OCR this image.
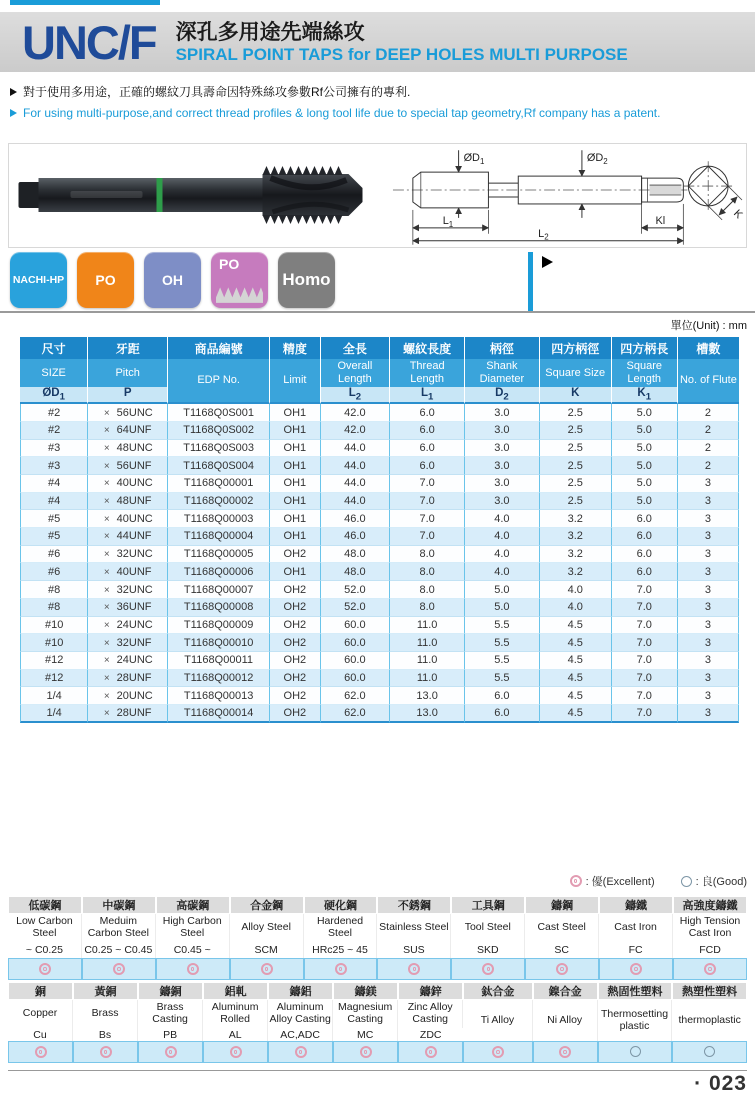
UNC/F 深孔多用途先端絲攻
SPIRAL POINT TAPS for DEEP HOLES MULTI PURPOSE
對于使用多用途，正確的螺紋刀具壽命因特殊絲攻參數Rf公司擁有的專利.
For using multi-purpose,and correct thread profiles & long tool life due to special tap geometry,Rf company has a patent.
$ØD_1$	$ØD_2$
$L_1$	Kl
$L_2$
K
NACHI-HP PO	OH
PO
Homo
單位(Unit) : mm
尺寸	牙距	商品編號	精度	全長	螺紋長度	柄徑	四方柄徑	四方柄長	槽數
SIZE	Pitch	EDP No.	Limit	Overall Length	Thread Length	Shank Diameter	Square Size	Square Length	No. of Flute
$ØD_1$	P			$L_2$	$L_1$	$D_2$	K	$K_1$
#2	× 56UNC	T1168Q0S001	OH1	42.0	6.0	3.0	2.5	5.0	2
#2	× 64UNF	T1168Q0S002	OH1	42.0	6.0	3.0	2.5	5.0	2
#3	× 48UNC	T1168Q0S003	OH1	44.0	6.0	3.0	2.5	5.0	2
#3	× 56UNF	T1168Q0S004	OH1	44.0	6.0	3.0	2.5	5.0	2
#4	× 40UNC	T1168Q00001	OH1	44.0	7.0	3.0	2.5	5.0	3
#4	× 48UNF	T1168Q00002	OH1	44.0	7.0	3.0	2.5	5.0	3
#5	× 40UNC	T1168Q00003	OH1	46.0	7.0	4.0	3.2	6.0	3
#5	× 44UNF	T1168Q00004	OH1	46.0	7.0	4.0	3.2	6.0	3
#6	× 32UNC	T1168Q00005	OH2	48.0	8.0	4.0	3.2	6.0	3
#6	× 40UNF	T1168Q00006	OH1	48.0	8.0	4.0	3.2	6.0	3
#8	× 32UNC	T1168Q00007	OH2	52.0	8.0	5.0	4.0	7.0	3
#8	× 36UNF	T1168Q00008	OH2	52.0	8.0	5.0	4.0	7.0	3
#10	× 24UNC	T1168Q00009	OH2	60.0	11.0	5.5	4.5	7.0	3
#10	× 32UNF	T1168Q00010	OH2	60.0	11.0	5.5	4.5	7.0	3
#12	× 24UNC	T1168Q00011	OH2	60.0	11.0	5.5	4.5	7.0	3
#12	× 28UNF	T1168Q00012	OH2	60.0	11.0	5.5	4.5	7.0	3
1/4	× 20UNC	T1168Q00013	OH2	62.0	13.0	6.0	4.5	7.0	3
1/4	× 28UNF	T1168Q00014	OH2	62.0	13.0	6.0	4.5	7.0	3
: 優(Excellent)	: 良(Good)
低碳鋼	中碳鋼	高碳鋼	合金鋼	硬化鋼	不銹鋼	工具鋼	鑄鋼	鑄鐵	高強度鑄鐵
Low Carbon Steel	Meduim Carbon Steel	High Carbon Steel	Alloy Steel	Hardened Steel	Stainless Steel	Tool Steel	Cast Steel	Cast Iron	High Tension Cast Iron
~ C0.25	C0.25 ~ C0.45	C0.45 ~	SCM	HRc25 ~ 45	SUS	SKD	SC	FC	FCD

銅	黃銅	鑄銅	鋁軋	鑄鋁	鑄鎂	鑄鋅	鈦合金	鎳合金	熱固性塑料	熱塑性塑料
Copper	Brass	Brass Casting	Aluminum Rolled	Aluminum Alloy Casting	Magnesium Casting	Zinc Alloy Casting	Ti Alloy	Ni Alloy	Thermosetting plastic	thermoplastic
Cu	Bs	PB	AL	AC,ADC	MC	ZDC				

· 023
